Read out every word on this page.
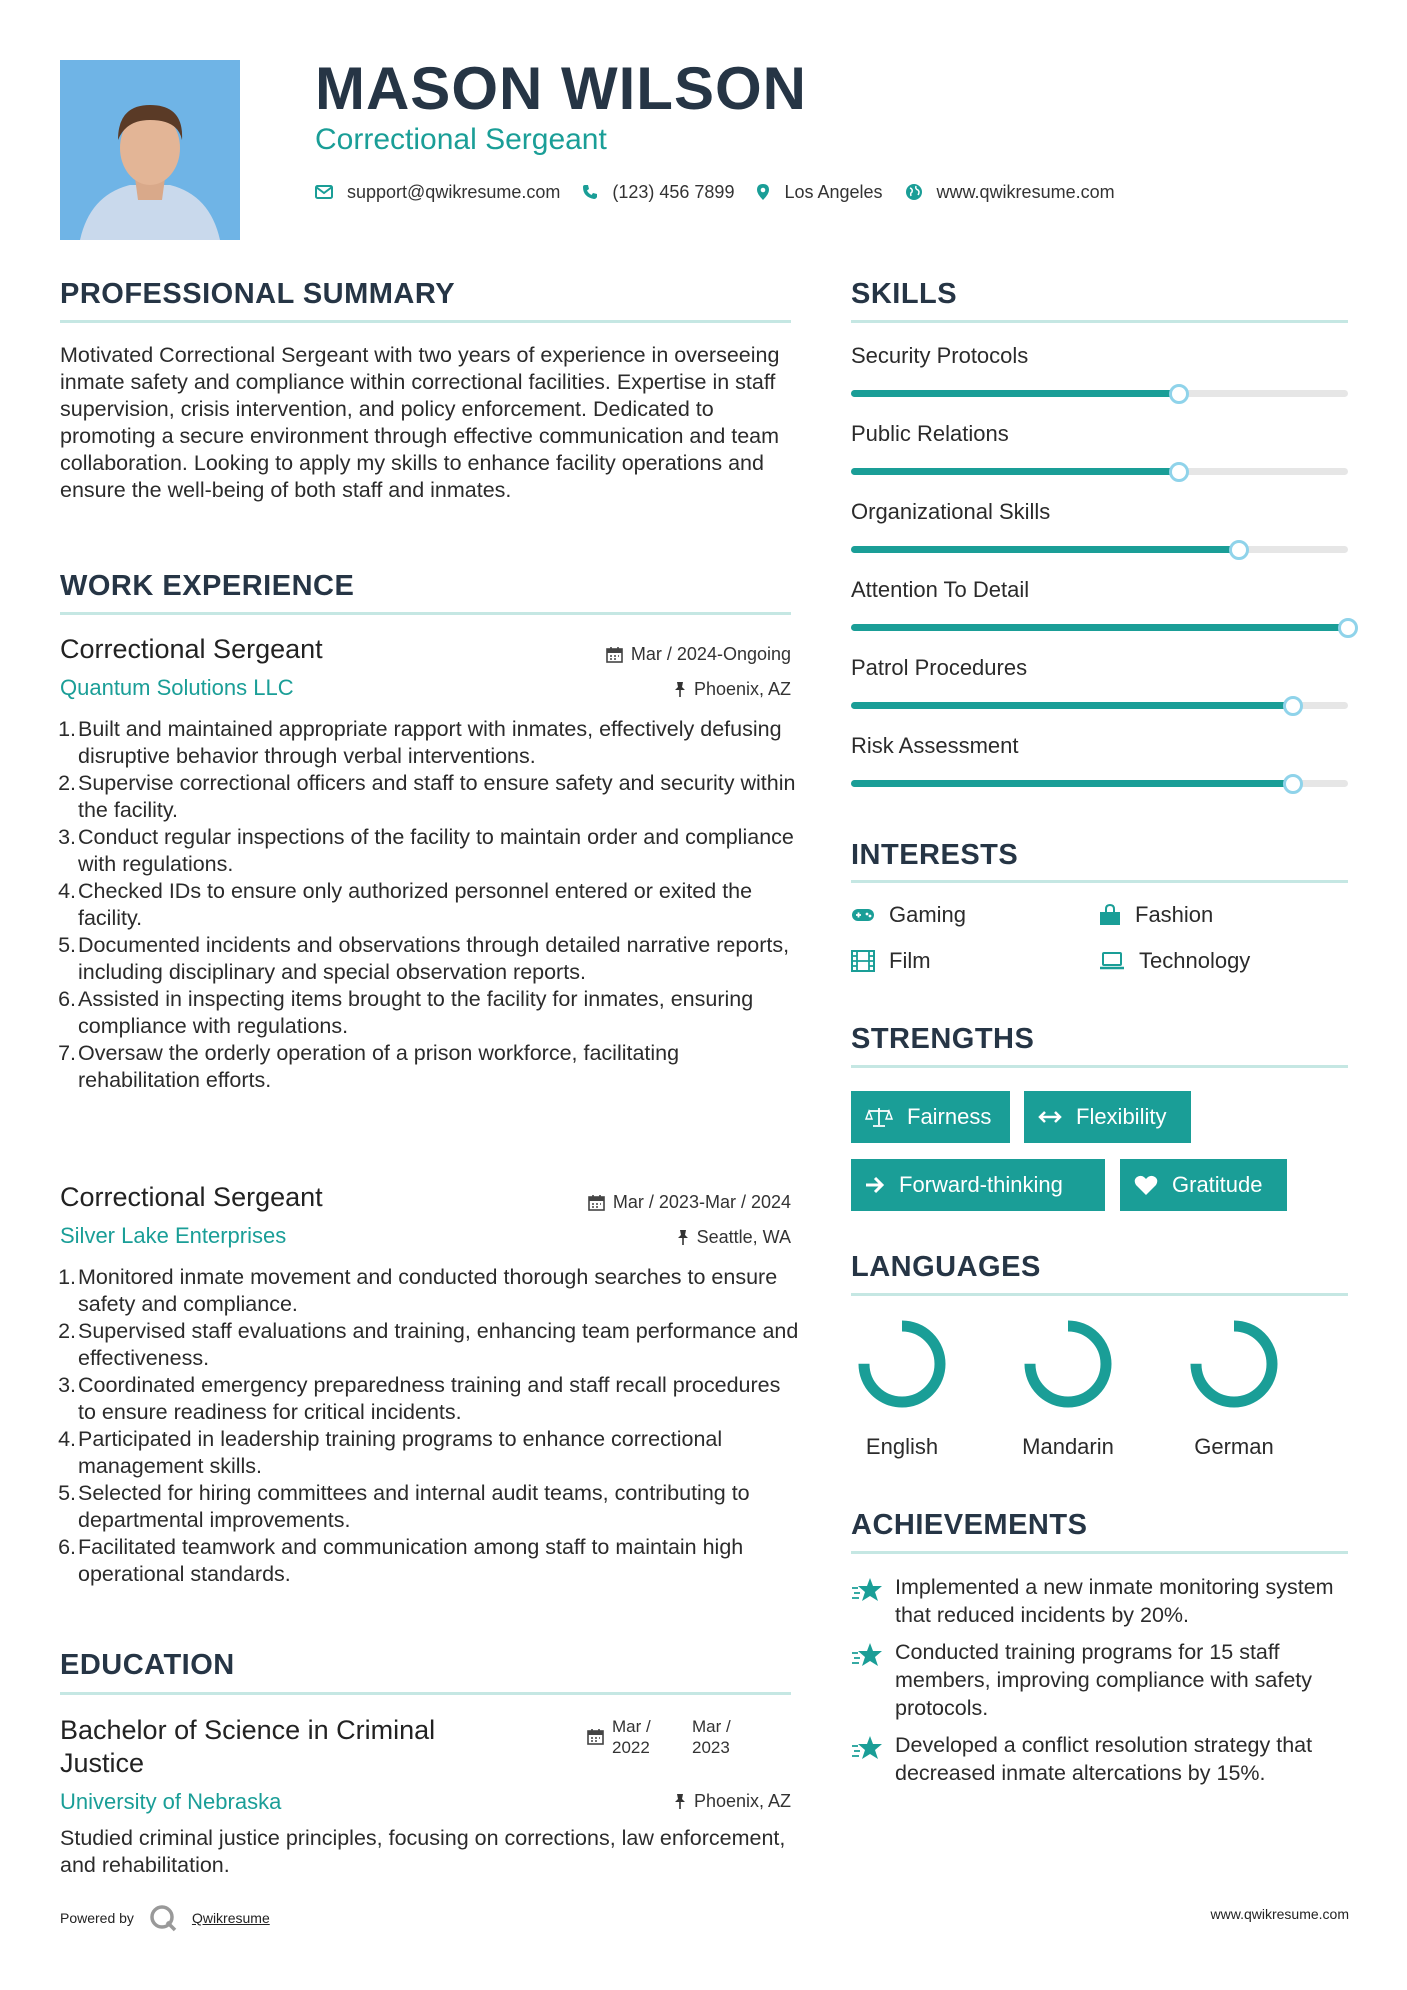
MASON WILSON
Correctional Sergeant
support@qwikresume.com	(123) 456 7899	Los Angeles	www.qwikresume.com
PROFESSIONAL SUMMARY
Motivated Correctional Sergeant with two years of experience in overseeing inmate safety and compliance within correctional facilities. Expertise in staff supervision, crisis intervention, and policy enforcement. Dedicated to promoting a secure environment through effective communication and team collaboration. Looking to apply my skills to enhance facility operations and ensure the well-being of both staff and inmates.
WORK EXPERIENCE
Correctional Sergeant	Mar / 2024-Ongoing
Quantum Solutions LLC	Phoenix, AZ
1. Built and maintained appropriate rapport with inmates, effectively defusing disruptive behavior through verbal interventions.
2. Supervise correctional officers and staff to ensure safety and security within the facility.
3. Conduct regular inspections of the facility to maintain order and compliance with regulations.
4. Checked IDs to ensure only authorized personnel entered or exited the facility.
5. Documented incidents and observations through detailed narrative reports, including disciplinary and special observation reports.
6. Assisted in inspecting items brought to the facility for inmates, ensuring compliance with regulations.
7. Oversaw the orderly operation of a prison workforce, facilitating rehabilitation efforts.
Correctional Sergeant	Mar / 2023-Mar / 2024
Silver Lake Enterprises	Seattle, WA
1. Monitored inmate movement and conducted thorough searches to ensure safety and compliance.
2. Supervised staff evaluations and training, enhancing team performance and effectiveness.
3. Coordinated emergency preparedness training and staff recall procedures to ensure readiness for critical incidents.
4. Participated in leadership training programs to enhance correctional management skills.
5. Selected for hiring committees and internal audit teams, contributing to departmental improvements.
6. Facilitated teamwork and communication among staff to maintain high operational standards.
EDUCATION
Bachelor of Science in Criminal Justice
Mar / 2022
Mar / 2023
University of Nebraska	Phoenix, AZ
Studied criminal justice principles, focusing on corrections, law enforcement, and rehabilitation.
SKILLS
Security Protocols
Public Relations
Organizational Skills
Attention To Detail
Patrol Procedures
Risk Assessment
INTERESTS
Gaming	Fashion
Film	Technology
STRENGTHS
Fairness	Flexibility
Forward-thinking	Gratitude
LANGUAGES
English	Mandarin	German
ACHIEVEMENTS
Implemented a new inmate monitoring system that reduced incidents by 20%.
Conducted training programs for 15 staff members, improving compliance with safety protocols.
Developed a conflict resolution strategy that decreased inmate altercations by 15%.
Powered by	Qwikresume	www.qwikresume.com
